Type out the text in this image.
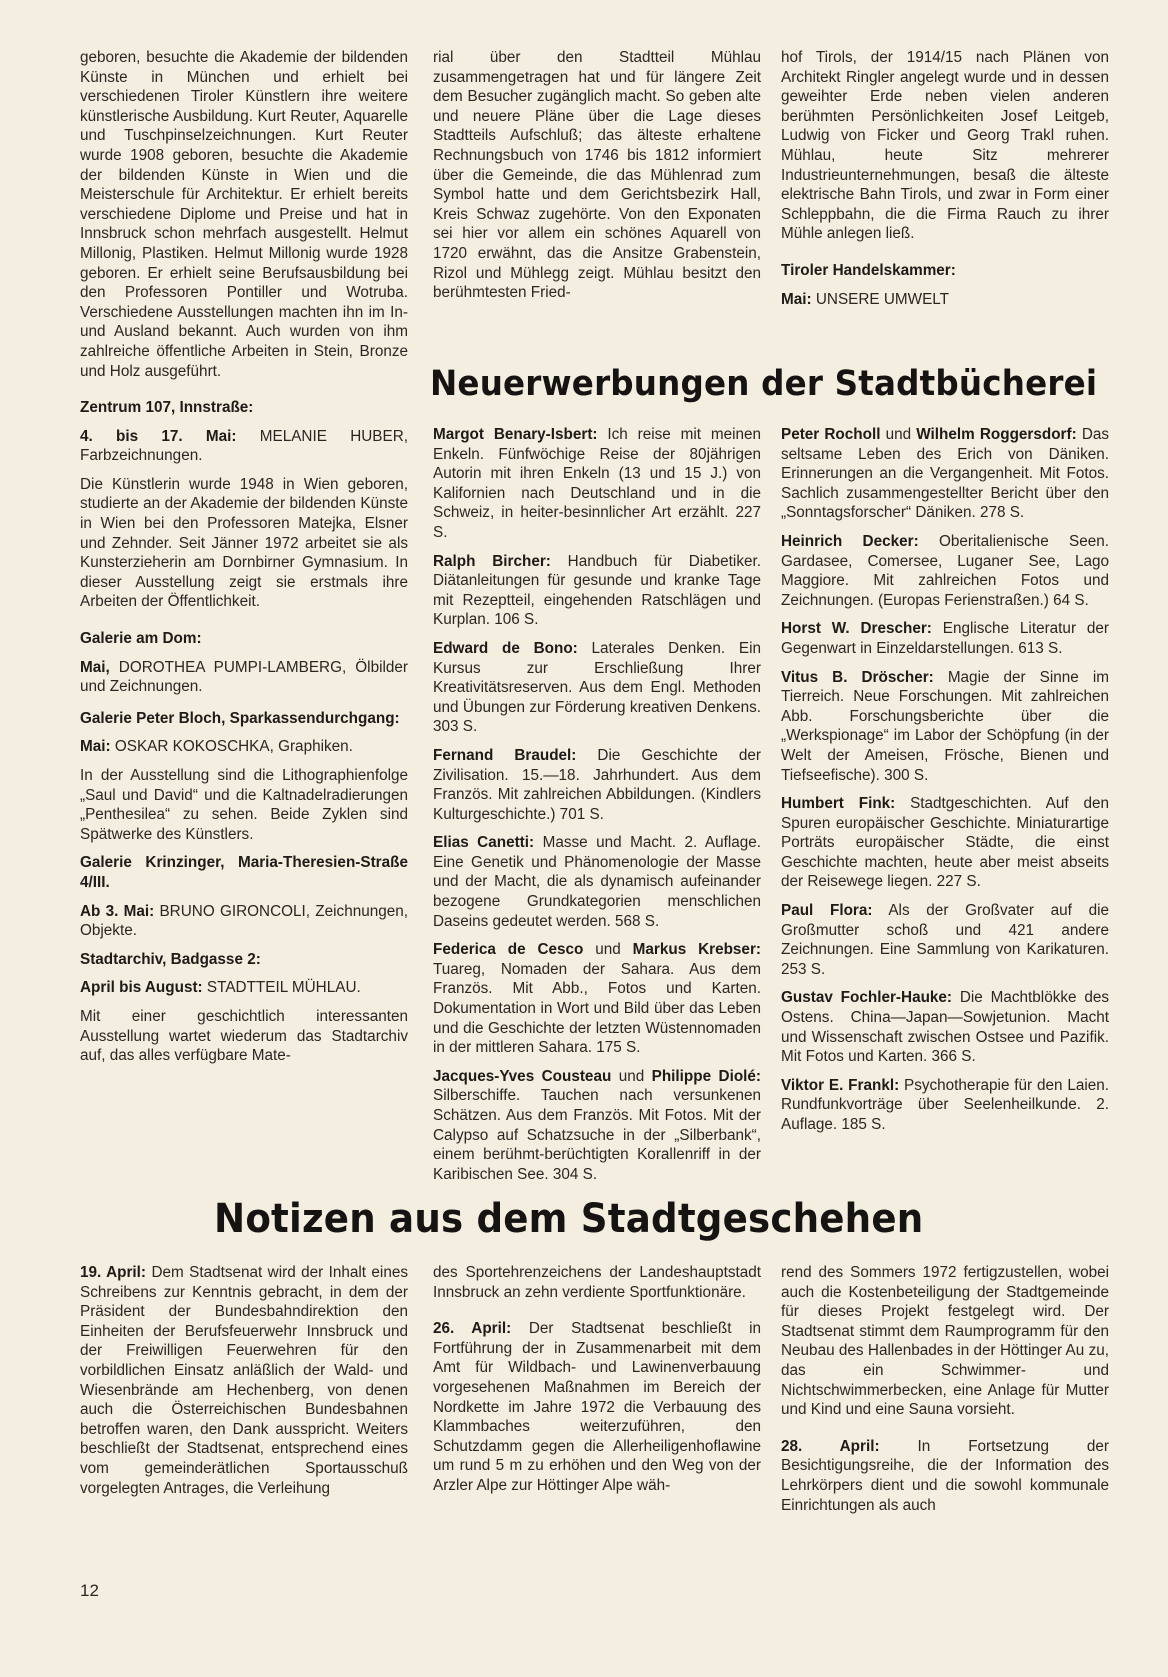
geboren, besuchte die Akademie der bildenden Künste in München und erhielt bei verschiedenen Tiroler Künstlern ihre weitere künstlerische Ausbildung. Kurt Reuter, Aquarelle und Tuschpinselzeichnungen. Kurt Reuter wurde 1908 geboren, besuchte die Akademie der bildenden Künste in Wien und die Meisterschule für Architektur. Er erhielt bereits verschiedene Diplome und Preise und hat in Innsbruck schon mehrfach ausgestellt. Helmut Millonig, Plastiken. Helmut Millonig wurde 1928 geboren. Er erhielt seine Berufsausbildung bei den Professoren Pontiller und Wotruba. Verschiedene Ausstellungen machten ihn im In- und Ausland bekannt. Auch wurden von ihm zahlreiche öffentliche Arbeiten in Stein, Bronze und Holz ausgeführt.

Zentrum 107, Innstraße:

4. bis 17. Mai: MELANIE HUBER, Farbzeichnungen.

Die Künstlerin wurde 1948 in Wien geboren, studierte an der Akademie der bildenden Künste in Wien bei den Professoren Matejka, Elsner und Zehnder. Seit Jänner 1972 arbeitet sie als Kunsterzieherin am Dornbirner Gymnasium. In dieser Ausstellung zeigt sie erstmals ihre Arbeiten der Öffentlichkeit.

Galerie am Dom:

Mai, DOROTHEA PUMPI-LAMBERG, Ölbilder und Zeichnungen.

Galerie Peter Bloch, Sparkassendurchgang:

Mai: OSKAR KOKOSCHKA, Graphiken.

In der Ausstellung sind die Lithographienfolge „Saul und David“ und die Kaltnadelradierungen „Penthesilea“ zu sehen. Beide Zyklen sind Spätwerke des Künstlers.

Galerie Krinzinger, Maria-Theresien-Straße 4/III.

Ab 3. Mai: BRUNO GIRONCOLI, Zeichnungen, Objekte.

Stadtarchiv, Badgasse 2:

April bis August: STADTTEIL MÜHLAU.

Mit einer geschichtlich interessanten Ausstellung wartet wiederum das Stadtarchiv auf, das alles verfügbare Mate-

rial über den Stadtteil Mühlau zusammengetragen hat und für längere Zeit dem Besucher zugänglich macht. So geben alte und neuere Pläne über die Lage dieses Stadtteils Aufschluß; das älteste erhaltene Rechnungsbuch von 1746 bis 1812 informiert über die Gemeinde, die das Mühlenrad zum Symbol hatte und dem Gerichtsbezirk Hall, Kreis Schwaz zugehörte. Von den Exponaten sei hier vor allem ein schönes Aquarell von 1720 erwähnt, das die Ansitze Grabenstein, Rizol und Mühlegg zeigt. Mühlau besitzt den berühmtesten Fried-

hof Tirols, der 1914/15 nach Plänen von Architekt Ringler angelegt wurde und in dessen geweihter Erde neben vielen anderen berühmten Persönlichkeiten Josef Leitgeb, Ludwig von Ficker und Georg Trakl ruhen. Mühlau, heute Sitz mehrerer Industrieunternehmungen, besaß die älteste elektrische Bahn Tirols, und zwar in Form einer Schleppbahn, die die Firma Rauch zu ihrer Mühle anlegen ließ.

Tiroler Handelskammer:

Mai: UNSERE UMWELT

Neuerwerbungen der Stadtbücherei

Margot Benary-Isbert: Ich reise mit meinen Enkeln. Fünfwöchige Reise der 80jährigen Autorin mit ihren Enkeln (13 und 15 J.) von Kalifornien nach Deutschland und in die Schweiz, in heiter-besinnlicher Art erzählt. 227 S.

Ralph Bircher: Handbuch für Diabetiker. Diätanleitungen für gesunde und kranke Tage mit Rezeptteil, eingehenden Ratschlägen und Kurplan. 106 S.

Edward de Bono: Laterales Denken. Ein Kursus zur Erschließung Ihrer Kreativitätsreserven. Aus dem Engl. Methoden und Übungen zur Förderung kreativen Denkens. 303 S.

Fernand Braudel: Die Geschichte der Zivilisation. 15.—18. Jahrhundert. Aus dem Französ. Mit zahlreichen Abbildungen. (Kindlers Kulturgeschichte.) 701 S.

Elias Canetti: Masse und Macht. 2. Auflage. Eine Genetik und Phänomenologie der Masse und der Macht, die als dynamisch aufeinander bezogene Grundkategorien menschlichen Daseins gedeutet werden. 568 S.

Federica de Cesco und Markus Krebser: Tuareg, Nomaden der Sahara. Aus dem Französ. Mit Abb., Fotos und Karten. Dokumentation in Wort und Bild über das Leben und die Geschichte der letzten Wüstennomaden in der mittleren Sahara. 175 S.

Jacques-Yves Cousteau und Philippe Diolé: Silberschiffe. Tauchen nach versunkenen Schätzen. Aus dem Französ. Mit Fotos. Mit der Calypso auf Schatzsuche in der „Silberbank“, einem berühmt-berüchtigten Korallenriff in der Karibischen See. 304 S.

Peter Rocholl und Wilhelm Roggersdorf: Das seltsame Leben des Erich von Däniken. Erinnerungen an die Vergangenheit. Mit Fotos. Sachlich zusammengestellter Bericht über den „Sonntagsforscher“ Däniken. 278 S.

Heinrich Decker: Oberitalienische Seen. Gardasee, Comersee, Luganer See, Lago Maggiore. Mit zahlreichen Fotos und Zeichnungen. (Europas Ferienstraßen.) 64 S.

Horst W. Drescher: Englische Literatur der Gegenwart in Einzeldarstellungen. 613 S.

Vitus B. Dröscher: Magie der Sinne im Tierreich. Neue Forschungen. Mit zahlreichen Abb. Forschungsberichte über die „Werkspionage“ im Labor der Schöpfung (in der Welt der Ameisen, Frösche, Bienen und Tiefseefische). 300 S.

Humbert Fink: Stadtgeschichten. Auf den Spuren europäischer Geschichte. Miniaturartige Porträts europäischer Städte, die einst Geschichte machten, heute aber meist abseits der Reisewege liegen. 227 S.

Paul Flora: Als der Großvater auf die Großmutter schoß und 421 andere Zeichnungen. Eine Sammlung von Karikaturen. 253 S.

Gustav Fochler-Hauke: Die Machtblökke des Ostens. China—Japan—Sowjetunion. Macht und Wissenschaft zwischen Ostsee und Pazifik. Mit Fotos und Karten. 366 S.

Viktor E. Frankl: Psychotherapie für den Laien. Rundfunkvorträge über Seelenheilkunde. 2. Auflage. 185 S.

Notizen aus dem Stadtgeschehen

19. April: Dem Stadtsenat wird der Inhalt eines Schreibens zur Kenntnis gebracht, in dem der Präsident der Bundesbahndirektion den Einheiten der Berufsfeuerwehr Innsbruck und der Freiwilligen Feuerwehren für den vorbildlichen Einsatz anläßlich der Wald- und Wiesenbrände am Hechenberg, von denen auch die Österreichischen Bundesbahnen betroffen waren, den Dank ausspricht. Weiters beschließt der Stadtsenat, entsprechend eines vom gemeinderätlichen Sportausschuß vorgelegten Antrages, die Verleihung

des Sportehrenzeichens der Landeshauptstadt Innsbruck an zehn verdiente Sportfunktionäre.

26. April: Der Stadtsenat beschließt in Fortführung der in Zusammenarbeit mit dem Amt für Wildbach- und Lawinenverbauung vorgesehenen Maßnahmen im Bereich der Nordkette im Jahre 1972 die Verbauung des Klammbaches weiterzuführen, den Schutzdamm gegen die Allerheiligenhoflawine um rund 5 m zu erhöhen und den Weg von der Arzler Alpe zur Höttinger Alpe wäh-

rend des Sommers 1972 fertigzustellen, wobei auch die Kostenbeteiligung der Stadtgemeinde für dieses Projekt festgelegt wird. Der Stadtsenat stimmt dem Raumprogramm für den Neubau des Hallenbades in der Höttinger Au zu, das ein Schwimmer- und Nichtschwimmerbecken, eine Anlage für Mutter und Kind und eine Sauna vorsieht.

28. April: In Fortsetzung der Besichtigungsreihe, die der Information des Lehrkörpers dient und die sowohl kommunale Einrichtungen als auch

12
